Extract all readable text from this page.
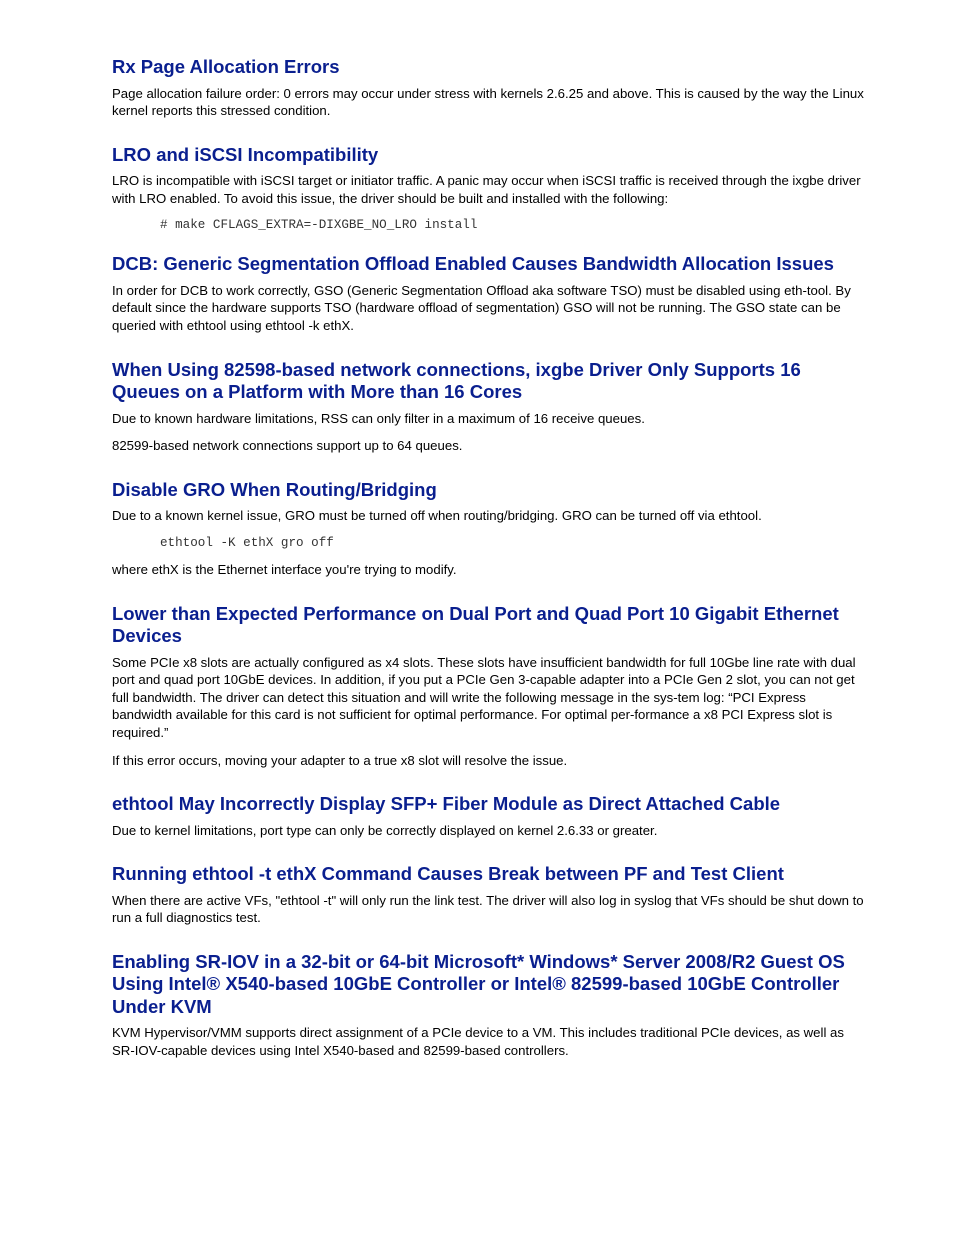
Rx Page Allocation Errors

Page allocation failure order: 0 errors may occur under stress with kernels 2.6.25 and above. This is caused by the way the Linux kernel reports this stressed condition.

LRO and iSCSI Incompatibility

LRO is incompatible with iSCSI target or initiator traffic. A panic may occur when iSCSI traffic is received through the ixgbe driver with LRO enabled. To avoid this issue, the driver should be built and installed with the following:

# make CFLAGS_EXTRA=-DIXGBE_NO_LRO install
DCB: Generic Segmentation Offload Enabled Causes Bandwidth Allocation Issues

In order for DCB to work correctly, GSO (Generic Segmentation Offload aka software TSO) must be disabled using eth-tool. By default since the hardware supports TSO (hardware offload of segmentation) GSO will not be running. The GSO state can be queried with ethtool using ethtool -k ethX.

When Using 82598-based network connections, ixgbe Driver Only Supports 16 Queues on a Platform with More than 16 Cores

Due to known hardware limitations, RSS can only filter in a maximum of 16 receive queues.

82599-based network connections support up to 64 queues.

Disable GRO When Routing/Bridging

Due to a known kernel issue, GRO must be turned off when routing/bridging. GRO can be turned off via ethtool.

ethtool -K ethX gro off

where ethX is the Ethernet interface you're trying to modify.

Lower than Expected Performance on Dual Port and Quad Port 10 Gigabit Ethernet Devices

Some PCIe x8 slots are actually configured as x4 slots. These slots have insufficient bandwidth for full 10Gbe line rate with dual port and quad port 10GbE devices. In addition, if you put a PCIe Gen 3-capable adapter into a PCIe Gen 2 slot, you can not get full bandwidth. The driver can detect this situation and will write the following message in the sys-tem log: “PCI Express bandwidth available for this card is not sufficient for optimal performance. For optimal per-formance a x8 PCI Express slot is required.”

If this error occurs, moving your adapter to a true x8 slot will resolve the issue.

ethtool May Incorrectly Display SFP+ Fiber Module as Direct Attached Cable

Due to kernel limitations, port type can only be correctly displayed on kernel 2.6.33 or greater.

Running ethtool -t ethX Command Causes Break between PF and Test Client

When there are active VFs, "ethtool -t" will only run the link test. The driver will also log in syslog that VFs should be shut down to run a full diagnostics test.

Enabling SR-IOV in a 32-bit or 64-bit Microsoft* Windows* Server 2008/R2 Guest OS Using Intel® X540-based 10GbE Controller or Intel® 82599-based 10GbE Controller Under KVM

KVM Hypervisor/VMM supports direct assignment of a PCIe device to a VM. This includes traditional PCIe devices, as well as SR-IOV-capable devices using Intel X540-based and 82599-based controllers.
